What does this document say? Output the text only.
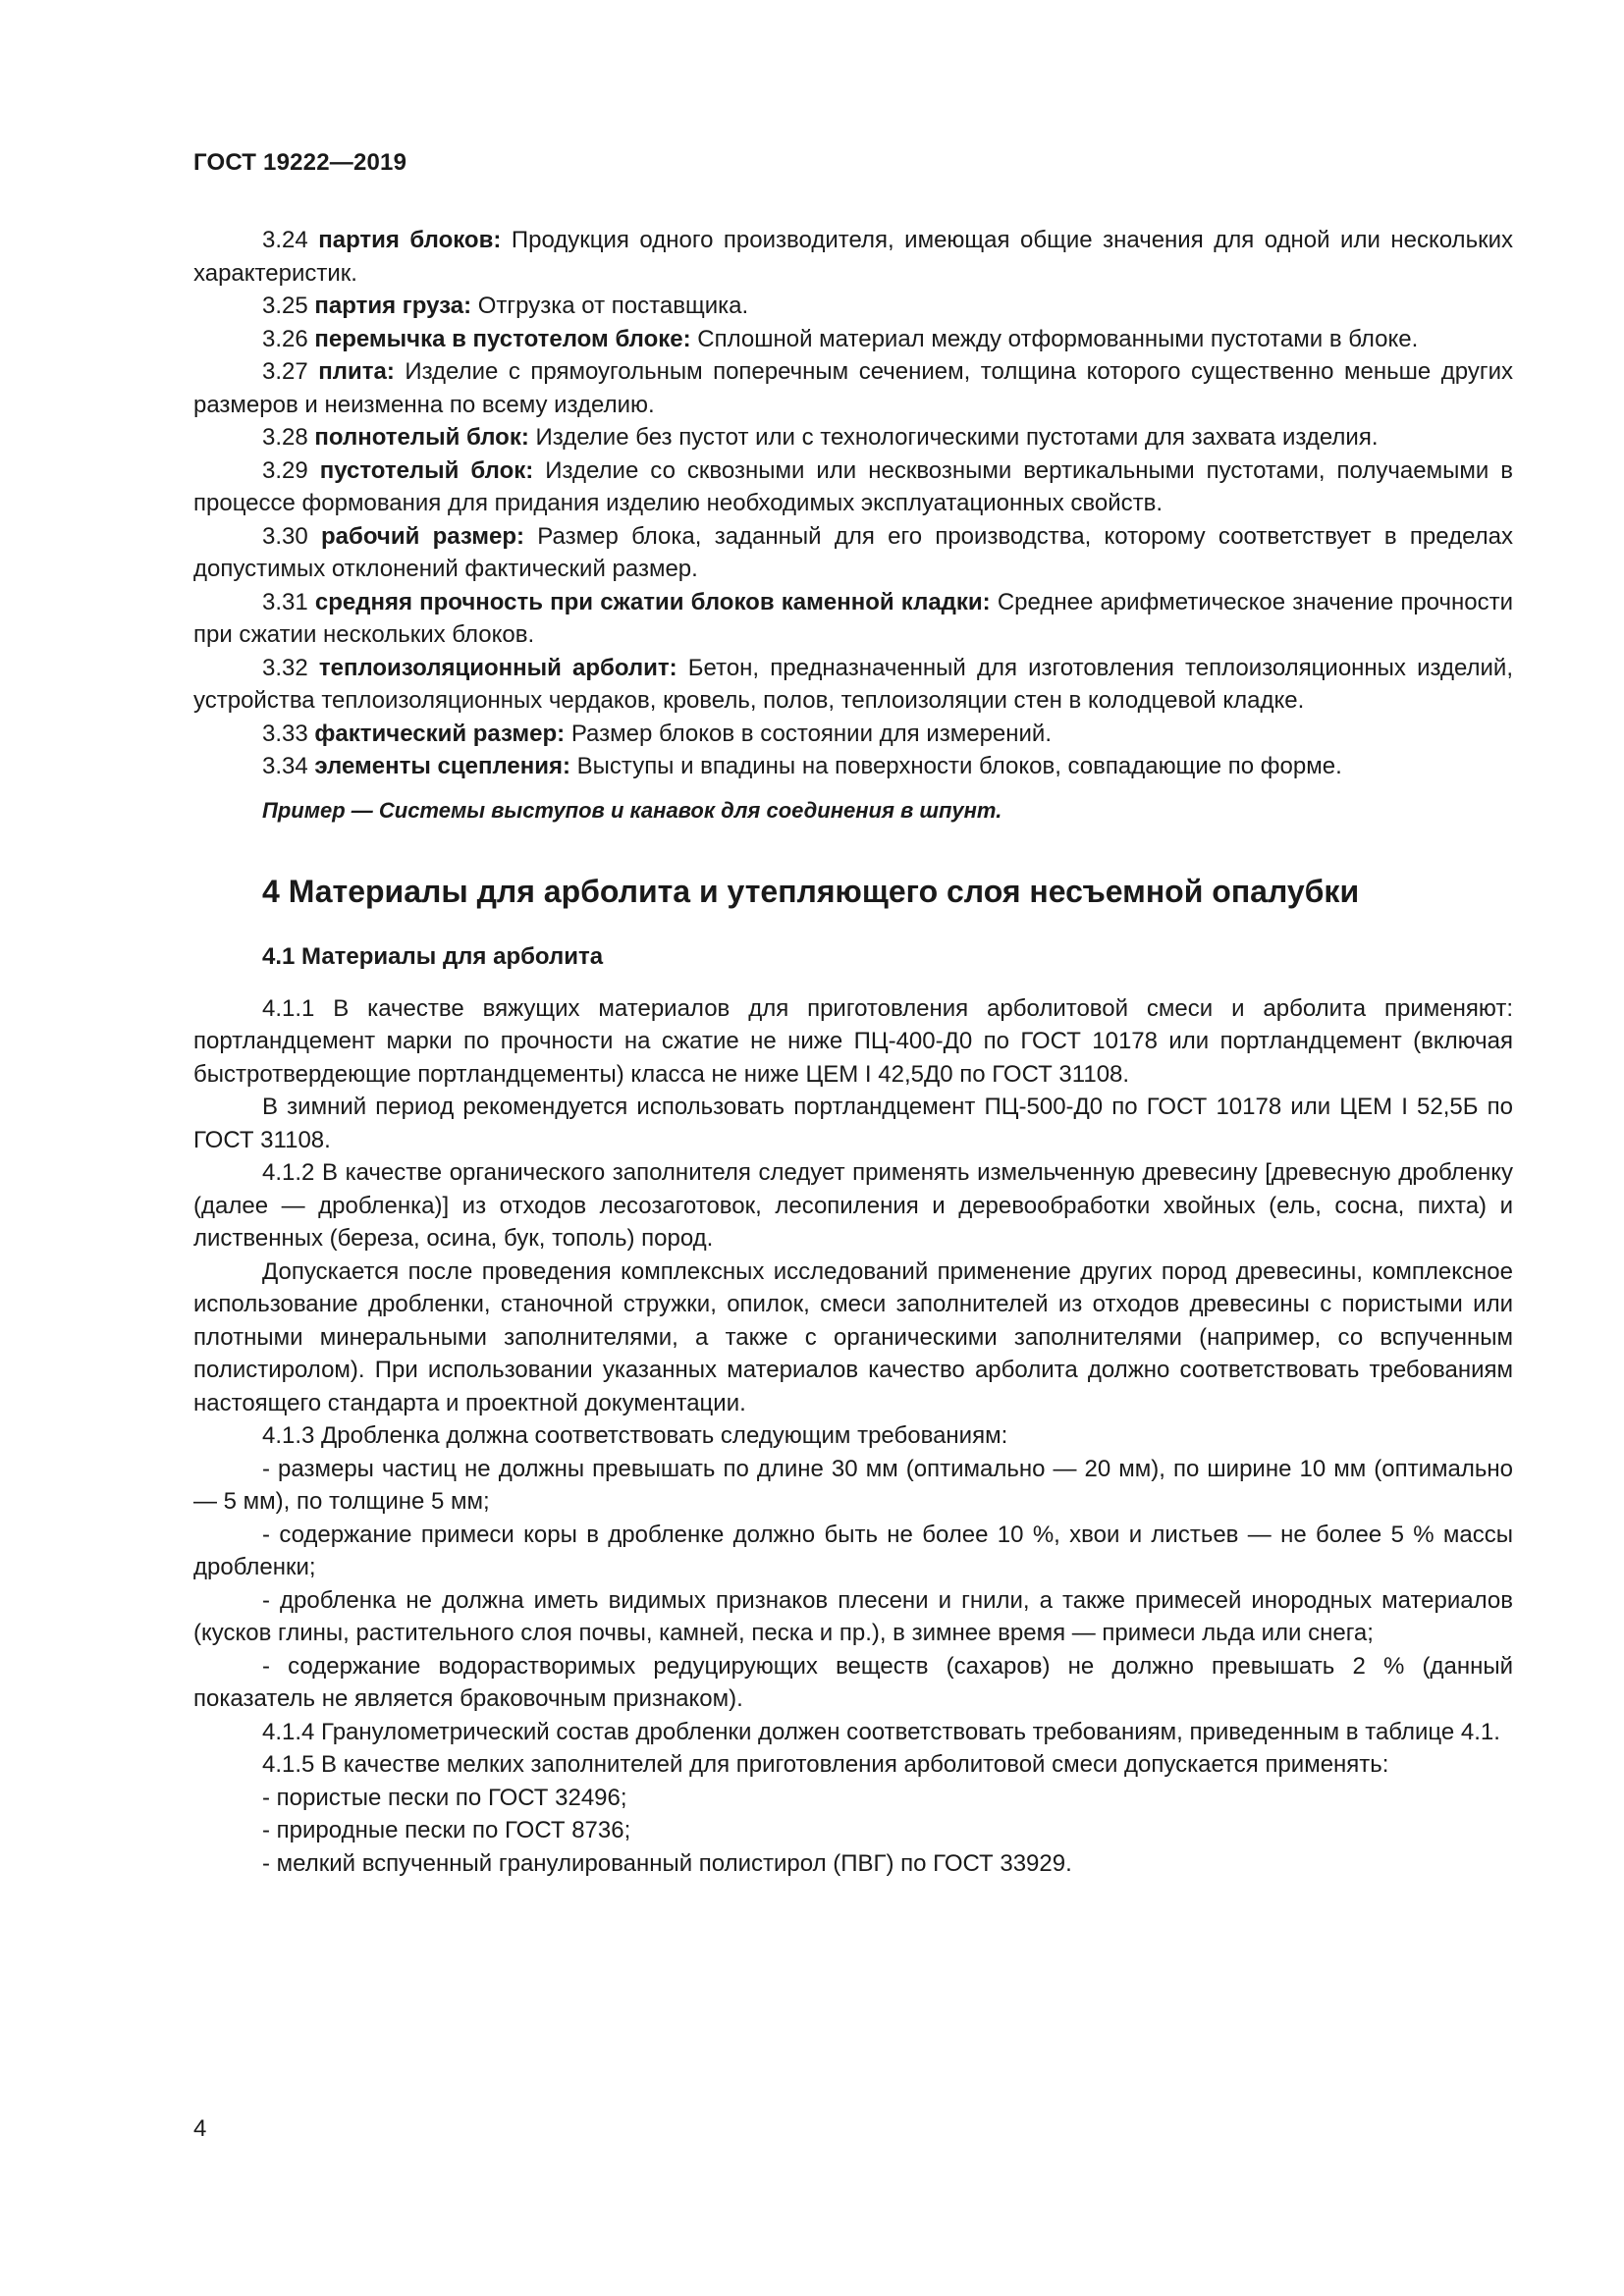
ГОСТ 19222—2019

3.24 партия блоков: Продукция одного производителя, имеющая общие значения для одной или нескольких характеристик.

3.25 партия груза: Отгрузка от поставщика.

3.26 перемычка в пустотелом блоке: Сплошной материал между отформованными пустотами в блоке.

3.27 плита: Изделие с прямоугольным поперечным сечением, толщина которого существенно меньше других размеров и неизменна по всему изделию.

3.28 полнотелый блок: Изделие без пустот или с технологическими пустотами для захвата изделия.

3.29 пустотелый блок: Изделие со сквозными или несквозными вертикальными пустотами, получаемыми в процессе формования для придания изделию необходимых эксплуатационных свойств.

3.30 рабочий размер: Размер блока, заданный для его производства, которому соответствует в пределах допустимых отклонений фактический размер.

3.31 средняя прочность при сжатии блоков каменной кладки: Среднее арифметическое значение прочности при сжатии нескольких блоков.

3.32 теплоизоляционный арболит: Бетон, предназначенный для изготовления теплоизоляционных изделий, устройства теплоизоляционных чердаков, кровель, полов, теплоизоляции стен в колодцевой кладке.

3.33 фактический размер: Размер блоков в состоянии для измерений.

3.34 элементы сцепления: Выступы и впадины на поверхности блоков, совпадающие по форме.

Пример — Системы выступов и канавок для соединения в шпунт.

4 Материалы для арболита и утепляющего слоя несъемной опалубки
4.1 Материалы для арболита

4.1.1 В качестве вяжущих материалов для приготовления арболитовой смеси и арболита применяют: портландцемент марки по прочности на сжатие не ниже ПЦ-400-Д0 по ГОСТ 10178 или портландцемент (включая быстротвердеющие портландцементы) класса не ниже ЦЕМ I 42,5Д0 по ГОСТ 31108.

В зимний период рекомендуется использовать портландцемент ПЦ-500-Д0 по ГОСТ 10178 или ЦЕМ I 52,5Б по ГОСТ 31108.

4.1.2 В качестве органического заполнителя следует применять измельченную древесину [древесную дробленку (далее — дробленка)] из отходов лесозаготовок, лесопиления и деревообработки хвойных (ель, сосна, пихта) и лиственных (береза, осина, бук, тополь) пород.

Допускается после проведения комплексных исследований применение других пород древесины, комплексное использование дробленки, станочной стружки, опилок, смеси заполнителей из отходов древесины с пористыми или плотными минеральными заполнителями, а также с органическими заполнителями (например, со вспученным полистиролом). При использовании указанных материалов качество арболита должно соответствовать требованиям настоящего стандарта и проектной документации.

4.1.3 Дробленка должна соответствовать следующим требованиям:

- размеры частиц не должны превышать по длине 30 мм (оптимально — 20 мм), по ширине 10 мм (оптимально — 5 мм), по толщине 5 мм;

- содержание примеси коры в дробленке должно быть не более 10 %, хвои и листьев — не более 5 % массы дробленки;

- дробленка не должна иметь видимых признаков плесени и гнили, а также примесей инородных материалов (кусков глины, растительного слоя почвы, камней, песка и пр.), в зимнее время — примеси льда или снега;

- содержание водорастворимых редуцирующих веществ (сахаров) не должно превышать 2 % (данный показатель не является браковочным признаком).

4.1.4 Гранулометрический состав дробленки должен соответствовать требованиям, приведенным в таблице 4.1.

4.1.5 В качестве мелких заполнителей для приготовления арболитовой смеси допускается применять:

- пористые пески по ГОСТ 32496;

- природные пески по ГОСТ 8736;

- мелкий вспученный гранулированный полистирол (ПВГ) по ГОСТ 33929.

4
